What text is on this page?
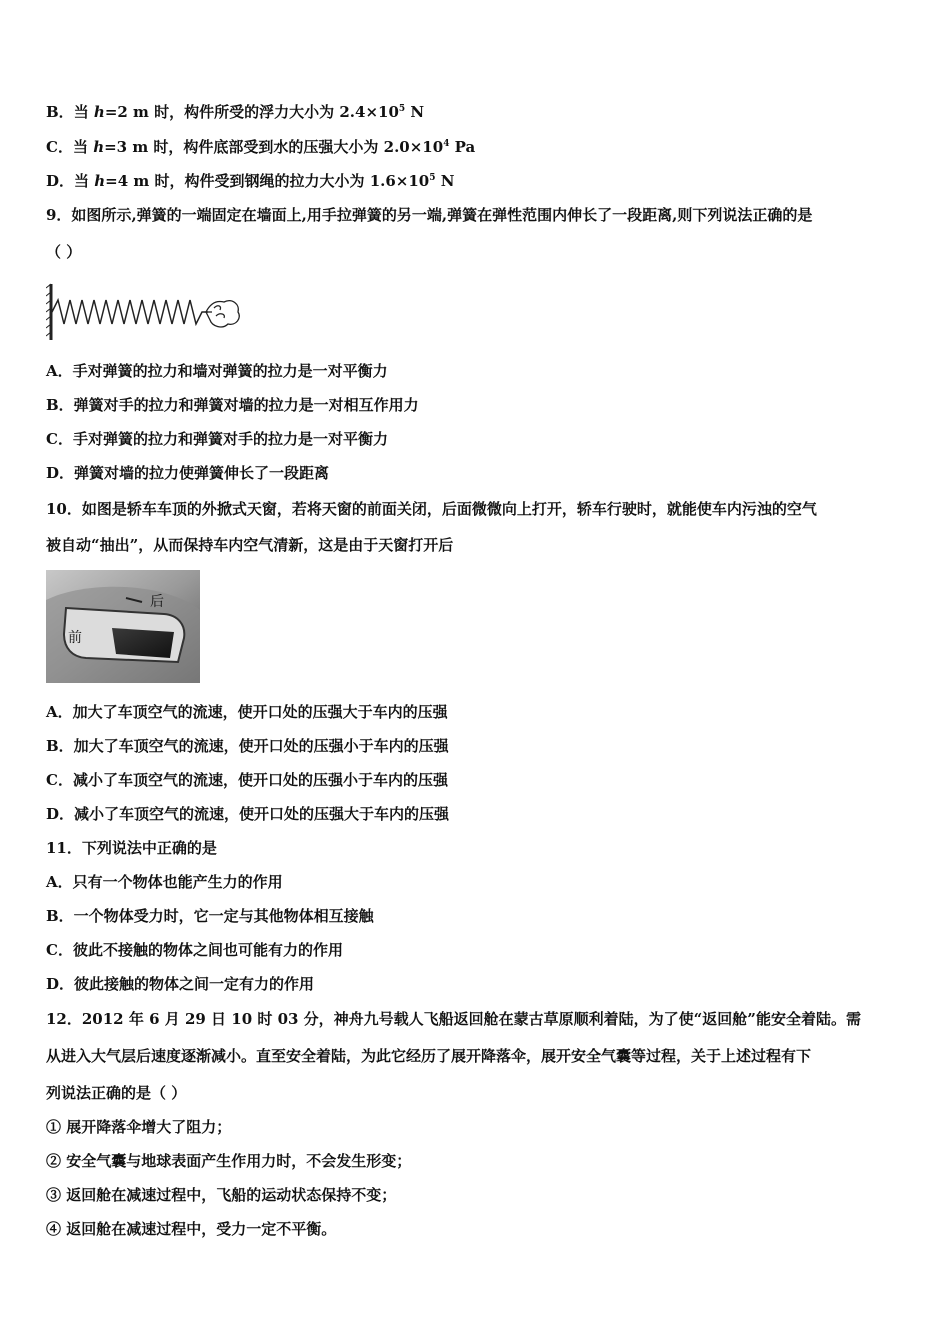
B．当 h=2 m 时，构件所受的浮力大小为 $2.4\times 10^5$ N
C．当 h=3 m 时，构件底部受到水的压强大小为 $2.0\times 10^4$ Pa
D．当 h=4 m 时，构件受到钢绳的拉力大小为 $1.6\times 10^5$ N
9．如图所示,弹簧的一端固定在墙面上,用手拉弹簧的另一端,弹簧在弹性范围内伸长了一段距离,则下列说法正确的是
（ ）
A．手对弹簧的拉力和墙对弹簧的拉力是一对平衡力
B．弹簧对手的拉力和弹簧对墙的拉力是一对相互作用力
C．手对弹簧的拉力和弹簧对手的拉力是一对平衡力
D．弹簧对墙的拉力使弹簧伸长了一段距离
10．如图是轿车车顶的外掀式天窗，若将天窗的前面关闭，后面微微向上打开，轿车行驶时，就能使车内污浊的空气
被自动“抽出”，从而保持车内空气清新，这是由于天窗打开后
后
前
A．加大了车顶空气的流速，使开口处的压强大于车内的压强
B．加大了车顶空气的流速，使开口处的压强小于车内的压强
C．减小了车顶空气的流速，使开口处的压强小于车内的压强
D．减小了车顶空气的流速，使开口处的压强大于车内的压强
11．下列说法中正确的是
A．只有一个物体也能产生力的作用
B．一个物体受力时，它一定与其他物体相互接触
C．彼此不接触的物体之间也可能有力的作用
D．彼此接触的物体之间一定有力的作用
12．2012 年 6 月 29 日 10 时 03 分，神舟九号载人飞船返回舱在蒙古草原顺利着陆，为了使“返回舱”能安全着陆。需
从进入大气层后速度逐渐减小。直至安全着陆，为此它经历了展开降落伞，展开安全气囊等过程，关于上述过程有下
列说法正确的是（ ）
① 展开降落伞增大了阻力；
② 安全气囊与地球表面产生作用力时，不会发生形变；
③ 返回舱在减速过程中，飞船的运动状态保持不变；
④ 返回舱在减速过程中，受力一定不平衡。
